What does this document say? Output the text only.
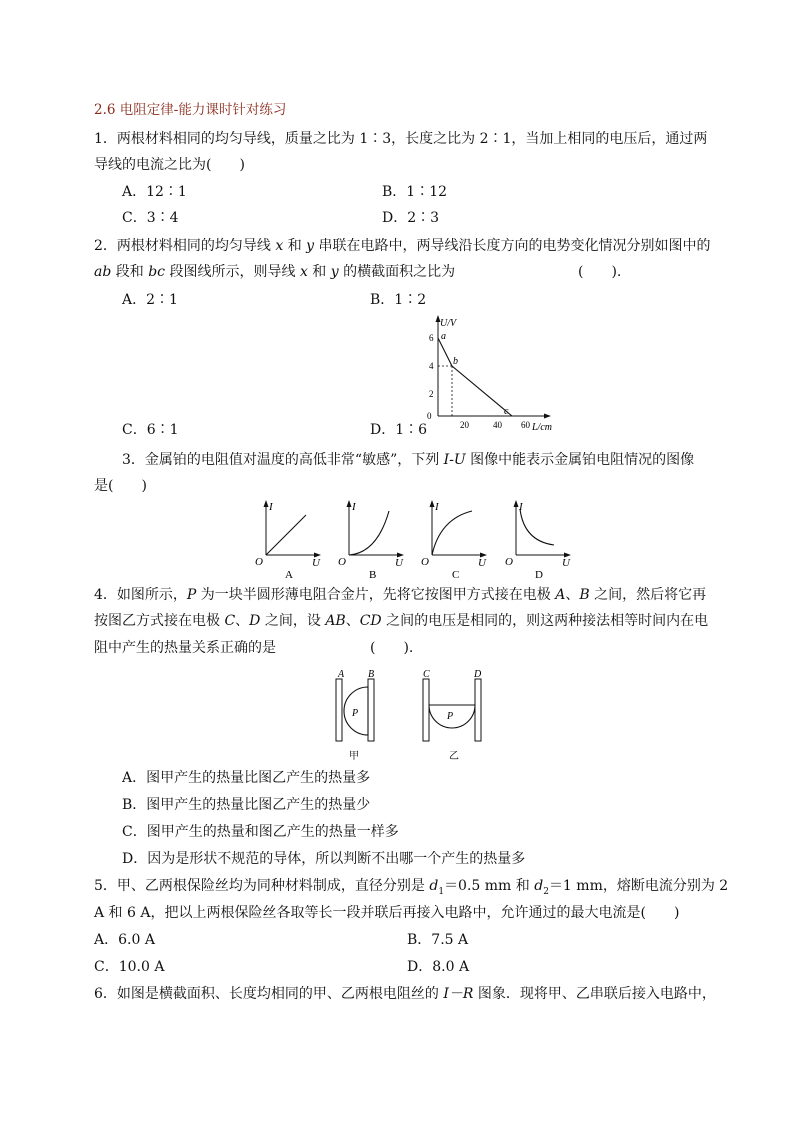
2.6 电阻定律-能力课时针对练习
1．两根材料相同的均匀导线，质量之比为 1∶3，长度之比为 2∶1，当加上相同的电压后，通过两
导线的电流之比为(　　)
A．12∶1	B．1∶12
C．3∶4	D．2∶3
2．两根材料相同的均匀导线 x 和 y 串联在电路中，两导线沿长度方向的电势变化情况分别如图中的
ab 段和 bc 段图线所示，则导线 x 和 y 的横截面积之比为	(　　).
A．2∶1	B．1∶2
C．6∶1	D．1∶6
U/V
L/cm
0
2
4
6
20	40 60
a
b
c
3．金属铂的电阻值对温度的高低非常“敏感”，下列 I-U 图像中能表示金属铂电阻情况的图像
是(　　)
I
U
O
A
I
U
O
B
I
U
O
C
I
U
O
D
4．如图所示，P 为一块半圆形薄电阻合金片，先将它按图甲方式接在电极 A、B 之间，然后将它再
按图乙方式接在电极 C、D 之间，设 AB、CD 之间的电压是相同的，则这两种接法相等时间内在电
阻中产生的热量关系正确的是	(　　).
A B
P
甲
C	D
P
乙
A．图甲产生的热量比图乙产生的热量多
B．图甲产生的热量比图乙产生的热量少
C．图甲产生的热量和图乙产生的热量一样多
D．因为是形状不规范的导体，所以判断不出哪一个产生的热量多
5．甲、乙两根保险丝均为同种材料制成，直径分别是 $d_1=0.5$ mm 和 $d_2=1$ mm，熔断电流分别为 2
A 和 6 A，把以上两根保险丝各取等长一段并联后再接入电路中，允许通过的最大电流是(　　)
A．6.0 A	B．7.5 A
C．10.0 A	D．8.0 A
6．如图是横截面积、长度均相同的甲、乙两根电阻丝的 I－R 图象．现将甲、乙串联后接入电路中，
